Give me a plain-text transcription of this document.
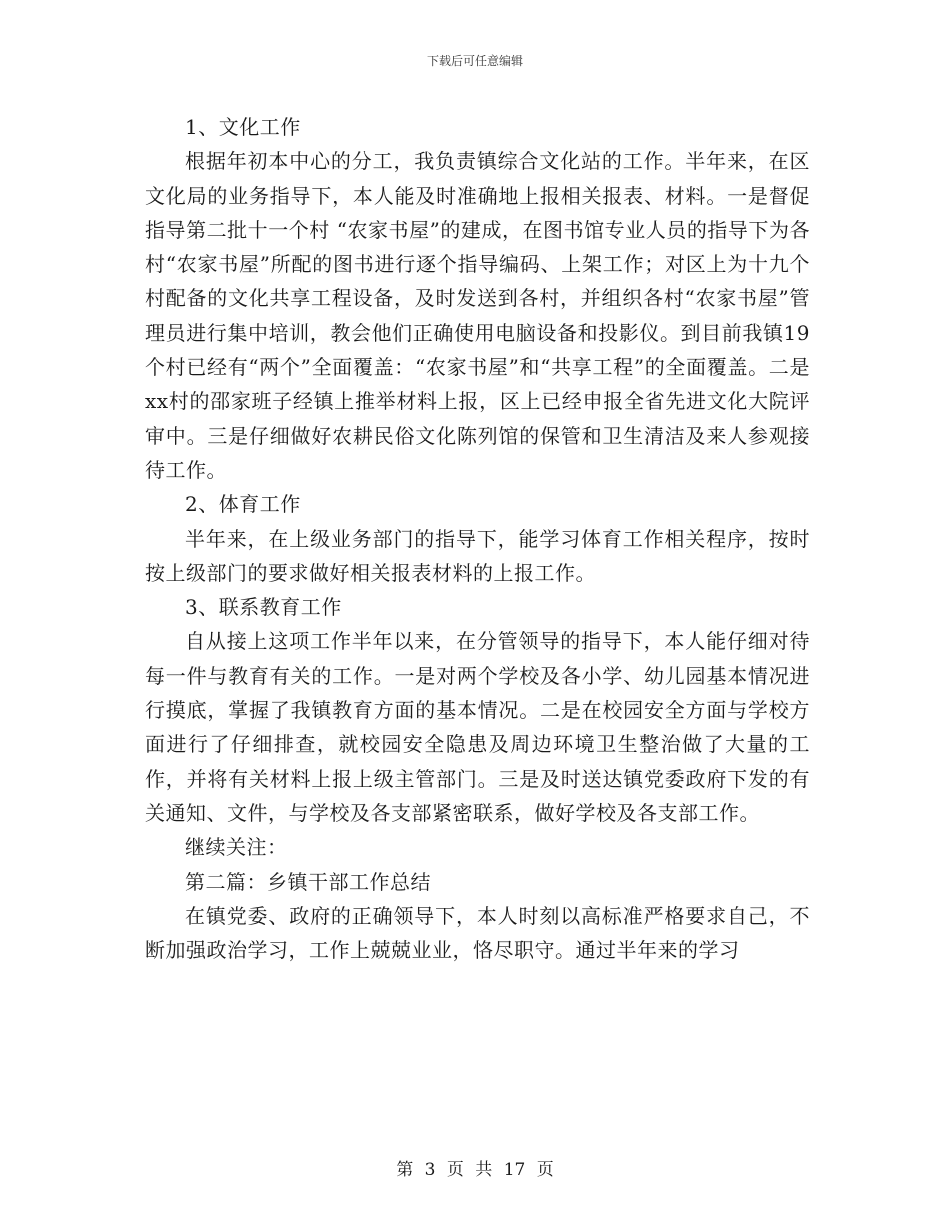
下载后可任意编辑

1、文化工作

根据年初本中心的分工，我负责镇综合文化站的工作。半年来，在区文化局的业务指导下，本人能及时准确地上报相关报表、材料。一是督促指导第二批十一个村 “农家书屋”的建成，在图书馆专业人员的指导下为各村“农家书屋”所配的图书进行逐个指导编码、上架工作；对区上为十九个村配备的文化共享工程设备，及时发送到各村，并组织各村“农家书屋”管理员进行集中培训，教会他们正确使用电脑设备和投影仪。到目前我镇19个村已经有“两个”全面覆盖：“农家书屋”和“共享工程”的全面覆盖。二是xx村的邵家班子经镇上推举材料上报，区上已经申报全省先进文化大院评审中。三是仔细做好农耕民俗文化陈列馆的保管和卫生清洁及来人参观接待工作。

2、体育工作

半年来，在上级业务部门的指导下，能学习体育工作相关程序，按时按上级部门的要求做好相关报表材料的上报工作。

3、联系教育工作

自从接上这项工作半年以来，在分管领导的指导下，本人能仔细对待每一件与教育有关的工作。一是对两个学校及各小学、幼儿园基本情况进行摸底，掌握了我镇教育方面的基本情况。二是在校园安全方面与学校方面进行了仔细排查，就校园安全隐患及周边环境卫生整治做了大量的工作，并将有关材料上报上级主管部门。三是及时送达镇党委政府下发的有关通知、文件，与学校及各支部紧密联系，做好学校及各支部工作。

继续关注：

第二篇：乡镇干部工作总结

在镇党委、政府的正确领导下，本人时刻以高标准严格要求自己，不断加强政治学习，工作上兢兢业业，恪尽职守。通过半年来的学习

第 3 页 共 17 页
